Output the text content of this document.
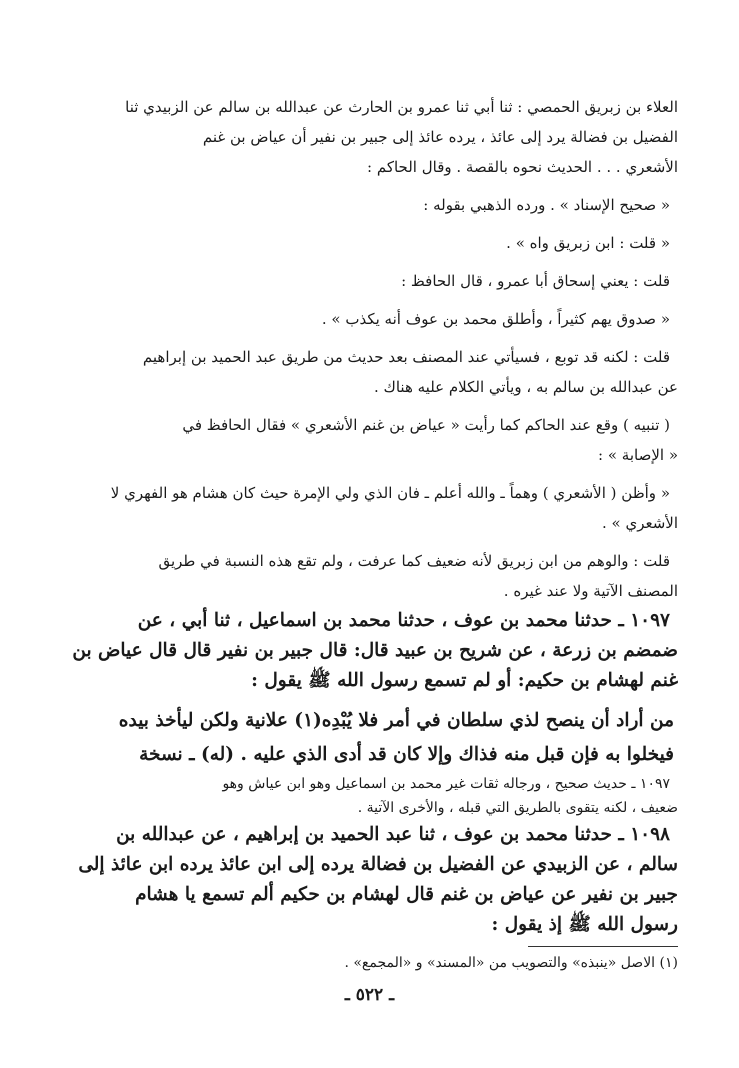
العلاء بن زبريق الحمصي : ثنا أبي ثنا عمرو بن الحارث عن عبدالله بن سالم عن الزبيدي ثنا
الفضيل بن فضالة يرد إلى عائذ ، يرده عائذ إلى جبير بن نفير أن عياض بن غنم
الأشعري . . . الحديث نحوه بالقصة . وقال الحاكم :
« صحيح الإسناد » . ورده الذهبي بقوله :
« قلت : ابن زبريق واه » .
قلت : يعني إسحاق أبا عمرو ، قال الحافظ :
« صدوق يهم كثيراً ، وأطلق محمد بن عوف أنه يكذب » .
قلت : لكنه قد توبع ، فسيأتي عند المصنف بعد حديث من طريق عبد الحميد بن إبراهيم
عن عبدالله بن سالم به ، ويأتي الكلام عليه هناك .
( تنبيه ) وقع عند الحاكم كما رأيت « عياض بن غنم الأشعري » فقال الحافظ في
« الإصابة » :
« وأظن ( الأشعري ) وهماً ـ والله أعلم ـ فان الذي ولي الإمرة حيث كان هشام هو الفهري لا
الأشعري » .
قلت : والوهم من ابن زبريق لأنه ضعيف كما عرفت ، ولم تقع هذه النسبة في طريق
المصنف الآتية ولا عند غيره .
١٠٩٧ ـ حدثنا محمد بن عوف ، حدثنا محمد بن اسماعيل ، ثنا أبي ، عن
ضمضم بن زرعة ، عن شريح بن عبيد قال: قال جبير بن نفير قال قال عياض بن
غنم لهشام بن حكيم: أو لم تسمع رسول الله ﷺ يقول :
من أراد أن ينصح لذي سلطان في أمر فلا يُبْدِه(١) علانية ولكن ليأخذ بيده
فيخلوا به فإن قبل منه فذاك وإلا كان قد أدى الذي عليه . (له) ـ نسخة
١٠٩٧ ـ حديث صحيح ، ورجاله ثقات غير محمد بن اسماعيل وهو ابن عياش وهو
ضعيف ، لكنه يتقوى بالطريق التي قبله ، والأخرى الآتية .
١٠٩٨ ـ حدثنا محمد بن عوف ، ثنا عبد الحميد بن إبراهيم ، عن عبدالله بن
سالم ، عن الزبيدي عن الفضيل بن فضالة يرده إلى ابن عائذ يرده ابن عائذ إلى
جبير بن نفير عن عياض بن غنم قال لهشام بن حكيم ألم تسمع يا هشام
رسول الله ﷺ إذ يقول :
(١) الاصل «ينبذه» والتصويب من «المسند» و «المجمع» .
ـ ٥٢٢ ـ
